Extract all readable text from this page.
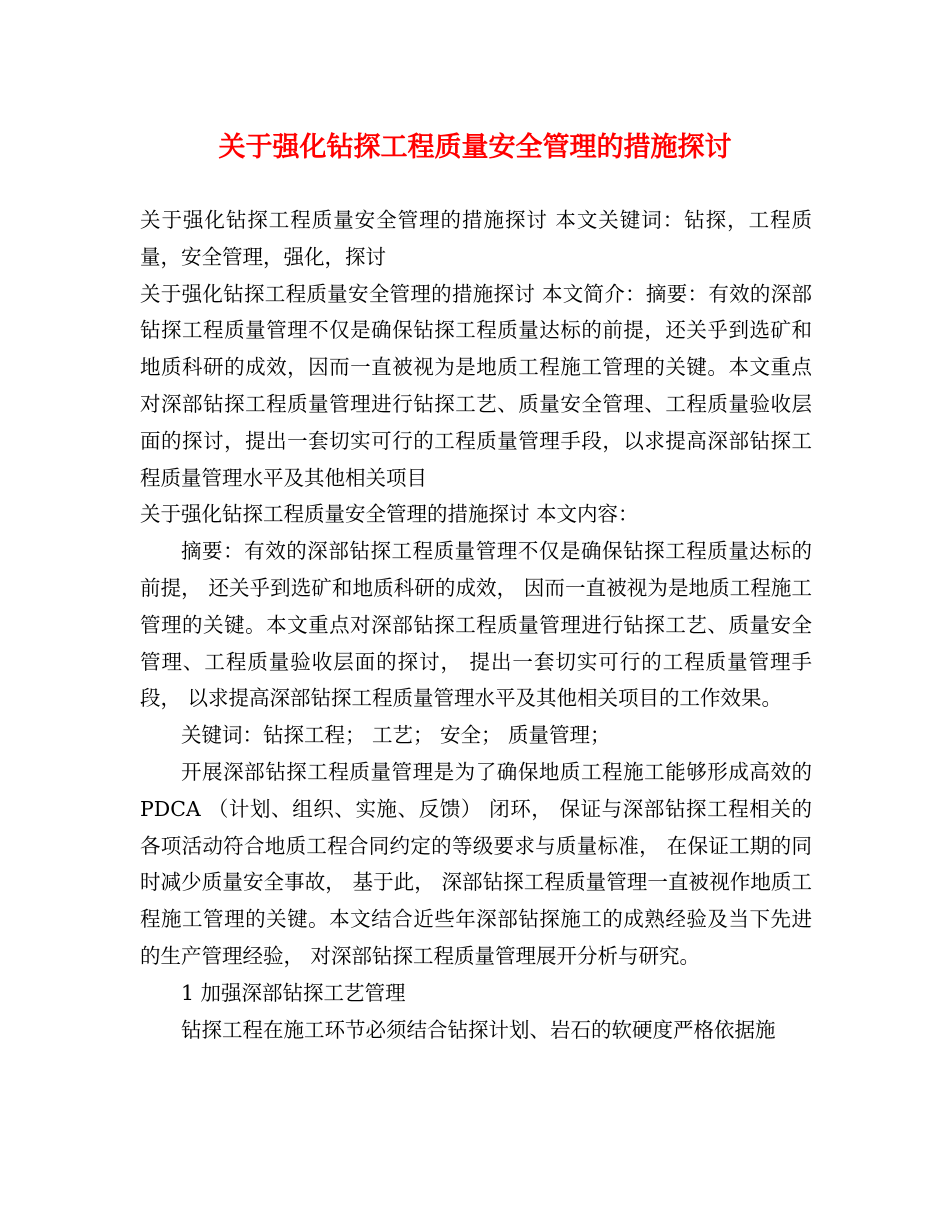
关于强化钻探工程质量安全管理的措施探讨

关于强化钻探工程质量安全管理的措施探讨 本文关键词：钻探，工程质量，安全管理，强化，探讨

关于强化钻探工程质量安全管理的措施探讨 本文简介：摘要：有效的深部钻探工程质量管理不仅是确保钻探工程质量达标的前提，还关乎到选矿和地质科研的成效，因而一直被视为是地质工程施工管理的关键。本文重点对深部钻探工程质量管理进行钻探工艺、质量安全管理、工程质量验收层面的探讨，提出一套切实可行的工程质量管理手段，以求提高深部钻探工程质量管理水平及其他相关项目

关于强化钻探工程质量安全管理的措施探讨 本文内容：

摘要：有效的深部钻探工程质量管理不仅是确保钻探工程质量达标的前提， 还关乎到选矿和地质科研的成效， 因而一直被视为是地质工程施工管理的关键。本文重点对深部钻探工程质量管理进行钻探工艺、质量安全管理、工程质量验收层面的探讨， 提出一套切实可行的工程质量管理手段， 以求提高深部钻探工程质量管理水平及其他相关项目的工作效果。

关键词：钻探工程； 工艺； 安全； 质量管理；

开展深部钻探工程质量管理是为了确保地质工程施工能够形成高效的PDCA （计划、组织、实施、反馈） 闭环， 保证与深部钻探工程相关的各项活动符合地质工程合同约定的等级要求与质量标准， 在保证工期的同时减少质量安全事故， 基于此， 深部钻探工程质量管理一直被视作地质工程施工管理的关键。本文结合近些年深部钻探施工的成熟经验及当下先进的生产管理经验， 对深部钻探工程质量管理展开分析与研究。

1 加强深部钻探工艺管理

钻探工程在施工环节必须结合钻探计划、岩石的软硬度严格依据施
